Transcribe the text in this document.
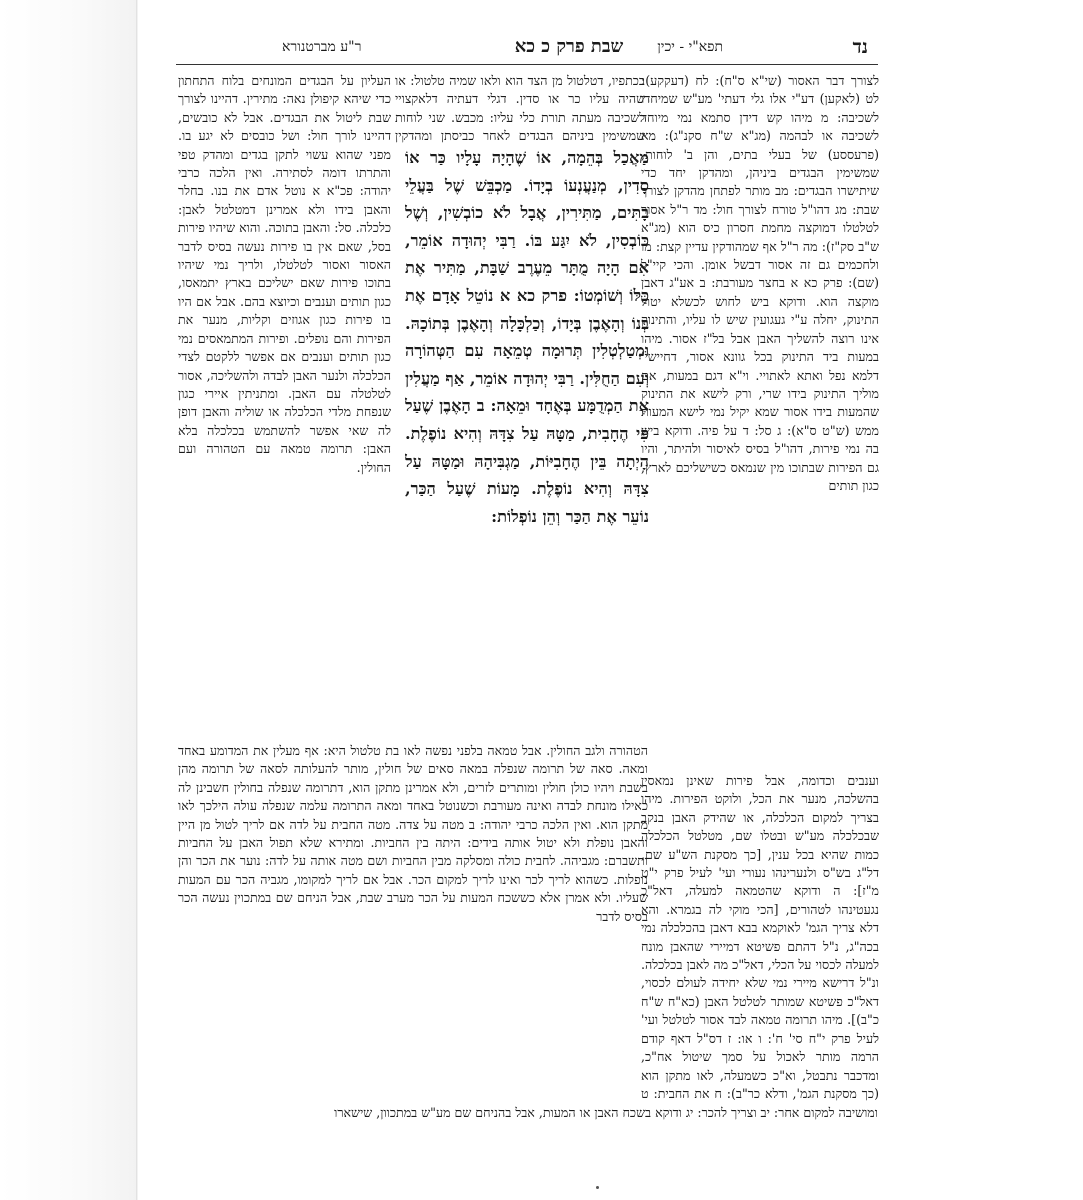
נד
תפא"י - יכין
שבת פרק כ כא
ר"ע מברטנורא
לצורך דבר האסור (שי"א ס"ח): לח (דעקקע): לט (לאקען) דע"י אלו גלי דעתי' מע"ש שמיחדו לשכיבה: מ מיהו קש דידן סתמא נמי מיוחד לשכיבה או לבהמה (מג"א ש"ח סקנ"ג): מא (פרעססע) של בעלי בתים, והן ב' לוחות, שמשימין הבגדים ביניהן, ומהדקן יחד כדי שיתישרו הבגדים: מב מותר לפתחן מהדקן לצורך שבת: מג דהו"ל טורח לצורך חול: מד ר"ל אסור לטלטלו דמוקצה מחמת חסרון כיס הוא (מג"א ש"ב סק"ז): מה ר"ל אף שמהודקין עדיין קצת: מו ולחכמים גם זה אסור דבשל אומן. והכי קיי"ל (שם): פרק כא א בחצר מעורבת: ב אע"ג דאבן מוקצה הוא. ודוקא ביש לחוש לכשלא יטול התינוק, יחלה ע"י געגועין שיש לו עליו, והתינוק אינו רוצה להשליך האבן אבל בל"ז אסור. מיהו במעות ביד התינוק בכל גוונא אסור, דחיישי' דלמא נפל ואתא לאתויי. וי"א דגם במעות, אם מוליך התינוק בידו שרי, ורק לישא את התינוק שהמעות בידו אסור שמא יקיל נמי לישא המעות ממש (ש"ט ס"א): ג סל: ד על פיה. ודוקא ביש בה נמי פירות, דהו"ל בסיס לאיסור ולהיתר, והיו גם הפירות שבתוכו מין שנמאס כשישליכם לארץ, כגון תותים
בכתפיו, דטלטול מן הצד הוא ולאו שמיה טלטול: או שהיה עליו כר או סדין. דגלי דעתיה דלאקצויי לשכיבה מעתה תורת כלי עליו: מכבש. שני לוחות שמשימין ביניהם הבגדים לאחר כביסתן ומהדקין
מַאֲכַל בְּהֵמָה, אוֹ שֶׁהָיָה עָלָיו כַּר אוֹ סָדִין, מְנַעֲנְעוֹ בְיָדוֹ. מַכְבֵּשׁ שֶׁל בַּעֲלֵי בָתִּים, מַתִּירִין, אֲבָל לֹא כוֹבְשִׁין, וְשֶׁל כּוֹבְסִין, לֹא יִגַּע בּוֹ. רַבִּי יְהוּדָה אוֹמֵר, אִם הָיָה מֻתָּר מֵעֶרֶב שַׁבָּת, מַתִּיר אֶת כֻּלּוֹ וְשׁוֹמְטוֹ: פרק כא א נוֹטֵל אָדָם אֶת בְּנוֹ וְהָאֶבֶן בְּיָדוֹ, וְכַלְכָּלָה וְהָאֶבֶן בְּתוֹכָהּ. וּמְטַלְטְלִין תְּרוּמָה טְמֵאָה עִם הַטְּהוֹרָה וְעִם הַחֻלִּין. רַבִּי יְהוּדָה אוֹמֵר, אַף מַעֲלִין אֶת הַמְדֻמָּע בְּאֶחָד וּמֵאָה: ב הָאֶבֶן שֶׁעַל פִּי הֶחָבִית, מַטָּהּ עַל צִדָּהּ וְהִיא נוֹפֶלֶת. הָיְתָה בֵּין הֶחָבִיּוֹת, מַגְבִּיהָהּ וּמַטָּהּ עַל צִדָּהּ וְהִיא נוֹפֶלֶת. מָעוֹת שֶׁעַל הַכַּר, נוֹעֵר אֶת הַכַּר וְהֵן נוֹפְלוֹת:
העליון על הבגדים המונחים בלוח התחתון כדי שיהא קיפולן נאה: מתירין. דהיינו לצורך שבת ליטול את הבגדים. אבל לא כובשים, דהיינו לורך חול: ושל כובסים לא יגע בו. מפני שהוא עשוי לתקן בגדים ומהדק טפי והתרתו דומה לסתירה. ואין הלכה כרבי יהודה: פכ"א א נוטל אדם את בנו. בחלר והאבן בידו ולא אמרינן דמטלטל לאבן: כלכלה. סל: והאבן בתוכה. והוא שיהיו פירות בסל, שאם אין בו פירות נעשה בסיס לדבר האסור ואסור לטלטלו, ולריך נמי שיהיו בתוכו פירות שאם ישליכם בארץ יתמאסו, כגון תותים וענבים וכיוצא בהם. אבל אם היו בו פירות כגון אגוזים וקליות, מנער את הפירות והם נופלים. ופירות המתמאסים נמי כגון תותים וענבים אם אפשר ללקטם לצדי הכלכלה ולנער האבן לבדה ולהשליכה, אסור לטלטלה עם האבן. ומתניתין איירי כגון שנפחת מלדי הכלכלה או שוליה והאבן דופן לה שאי אפשר להשתמש בכלכלה בלא האבן: תרומה טמאה עם הטהורה ועם החולין.
הטהורה ולגב החולין. אבל טמאה בלפני נפשה לאו בת טלטול היא: אף מעלין את המדומע באחד ומאה. סאה של תרומה שנפלה במאה סאים של חולין, מותר להעלותה לסאה של תרומה מהן בשבת ויהיו כולן חולין ומותרים לזרים, ולא אמרינן מתקן הוא, דתרומה שנפלה בחולין חשבינן לה כאילו מונחת לבדה ואינה מעורבת וכשנוטל באחד ומאה התרומה עלמה שנפלה עולה הילכך לאו מתקן הוא. ואין הלכה כרבי יהודה: ב מטה על צדה. מטה החבית על לדה אם לריך לטול מן היין והאבן נופלת ולא יטול אותה בידים: היתה בין החביות. ומתירא שלא תפול האבן על החביות ותשברם: מגביהה. לחבית כולה ומסלקה מבין החביות ושם מטה אותה על לדה: נוער את הכר והן נופלות. כשהוא לריך לכר ואינו לריך למקום הכר. אבל אם לריך למקומו, מגביה הכר עם המעות שעליו. ולא אמרן אלא כששכח המעות על הכר מערב שבת, אבל הניחם שם במתכוין נעשה הכר בסיס לדבר
וענבים וכדומה, אבל פירות שאינן נמאסין בהשלכה, מנער את הכל, ולוקט הפירות. מיהו בצריך למקום הכלכלה, או שהידק האבן בנקב שבכלכלה מע"ש ובטלו שם, מטלטל הכלכלה כמות שהיא בכל ענין, [כך מסקנת הש"ע שם, דל"ג בש"ס ולנערינהו נעורי ועי' לעיל פרק י"ט מ"ז]: ה ודוקא שהטמאה למעלה, דאל"כ נגעטינהו לטהורים, [הכי מוקי לה בגמרא. והא דלא צריך הגמ' לאוקמא בבא דאבן בהכלכלה נמי בכה"ג, נ"ל דהתם פשיטא דמיירי שהאבן מונח למעלה לכסוי על הכלי, דאל"כ מה לאבן בכלכלה. ונ"ל דרישא מיירי נמי שלא יחידה לעולם לכסוי, דאל"כ פשיטא שמותר לטלטל האבן (כא"ח ש"ח כ"ב)]. מיהו תרומה טמאה לבד אסור לטלטל ועי' לעיל פרק י"ח סי' ח': ו או: ז דס"ל דאף קודם הרמה מותר לאכול על סמך שיטול אח"כ, ומדכבר נתבטל, וא"כ כשמעלה, לאו מתקן הוא (כך מסקנת הגמ', ודלא כר"ב): ח את החבית: ט
ומושיבה למקום אחר: יב וצריך להכר: יג ודוקא בשכח האבן או המעות, אבל בהניחם שם מע"ש במתכוון, שישארו
